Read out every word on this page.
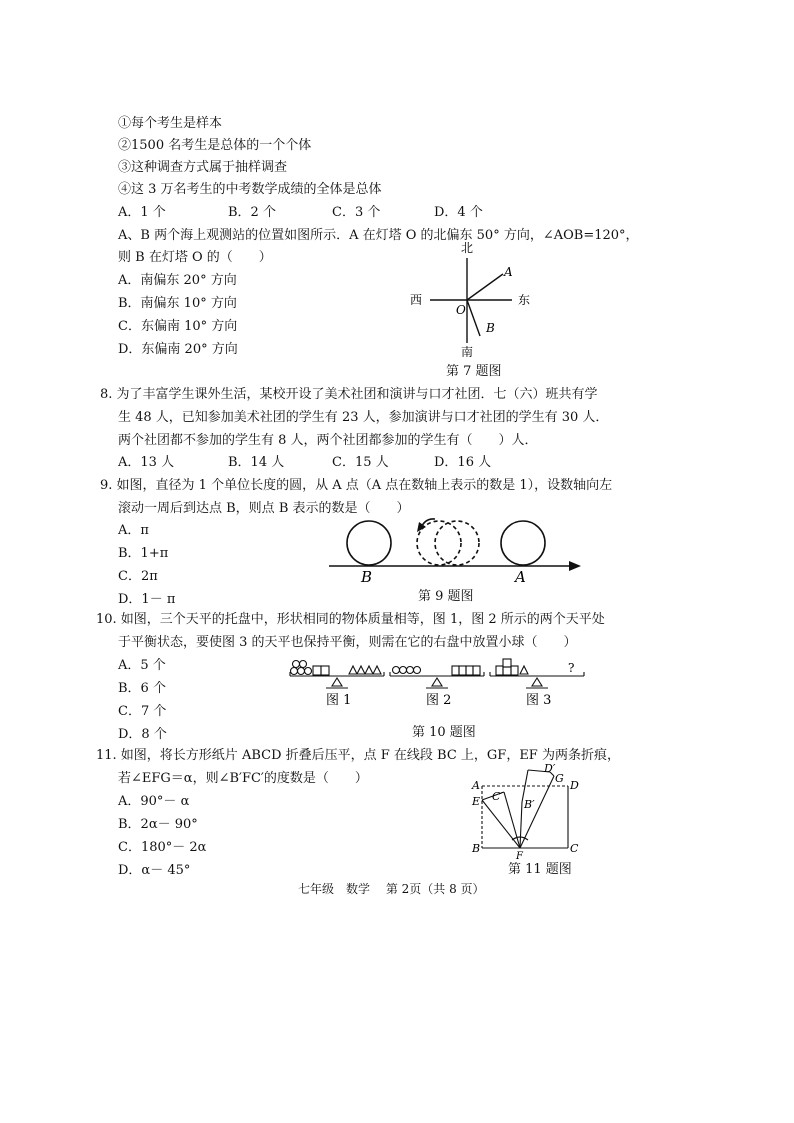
①每个考生是样本
②1500 名考生是总体的一个个体
③这种调查方式属于抽样调查
④这 3 万名考生的中考数学成绩的全体是总体
A．1 个	B．2 个	C．3 个	D．4 个
A、B 两个海上观测站的位置如图所示．A 在灯塔 O 的北偏东 50° 方向，∠AOB=120°，
则 B 在灯塔 O 的（　　）
A．南偏东 20° 方向
B．南偏东 10° 方向
C．东偏南 10° 方向
D．东偏南 20° 方向
北
南
西	东
A
B
O
第 7 题图
8. 为了丰富学生课外生活，某校开设了美术社团和演讲与口才社团．七（六）班共有学
生 48 人，已知参加美术社团的学生有 23 人，参加演讲与口才社团的学生有 30 人．
两个社团都不参加的学生有 8 人，两个社团都参加的学生有（　　）人．
A．13 人	B．14 人	C．15 人	D．16 人
9. 如图，直径为 1 个单位长度的圆，从 A 点（A 点在数轴上表示的数是 1），设数轴向左
滚动一周后到达点 B，则点 B 表示的数是（　　）
A．π
B．1+π
C．2π
D．1－ π
B	A
第 9 题图
10. 如图，三个天平的托盘中，形状相同的物体质量相等，图 1，图 2 所示的两个天平处
于平衡状态，要使图 3 的天平也保持平衡，则需在它的右盘中放置小球（　　）
A．5 个
B．6 个
C．7 个
D．8 个
?
图 1	图 2	图 3
第 10 题图
11. 如图，将长方形纸片 ABCD 折叠后压平，点 F 在线段 BC 上，GF，EF 为两条折痕，
若∠EFG＝α，则∠B′FC′的度数是（　　）
A．90°－ α
B．2α－ 90°
C．180°－ 2α
D．α－ 45°
A
B	C
D
E
F
G
D′
B′
C′
第 11 题图
七年级　数学　 第 2页（共 8 页）
